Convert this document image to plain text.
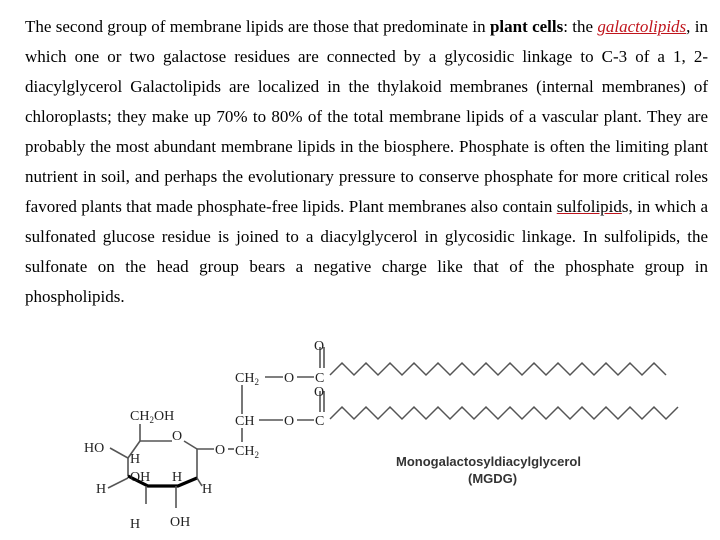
The second group of membrane lipids are those that predominate in plant cells: the galactolipids, in which one or two galactose residues are connected by a glycosidic linkage to C-3 of a 1, 2-diacylglycerol Galactolipids are localized in the thylakoid membranes (internal membranes) of chloroplasts; they make up 70% to 80% of the total membrane lipids of a vascular plant. They are probably the most abundant membrane lipids in the biosphere. Phosphate is often the limiting plant nutrient in soil, and perhaps the evolutionary pressure to conserve phosphate for more critical roles favored plants that made phosphate-free lipids. Plant membranes also contain sulfolipids, in which a sulfonated glucose residue is joined to a diacylglycerol in glycosidic linkage. In sulfolipids, the sulfonate on the head group bears a negative charge like that of the phosphate group in phospholipids.

O
$CH_2$ O C
O
CH O C
$CH_2$
O
$CH_2OH$
O
HO
H
OH H
H	H
H OH
Monogalactosyldiacylglycerol
(MGDG)
